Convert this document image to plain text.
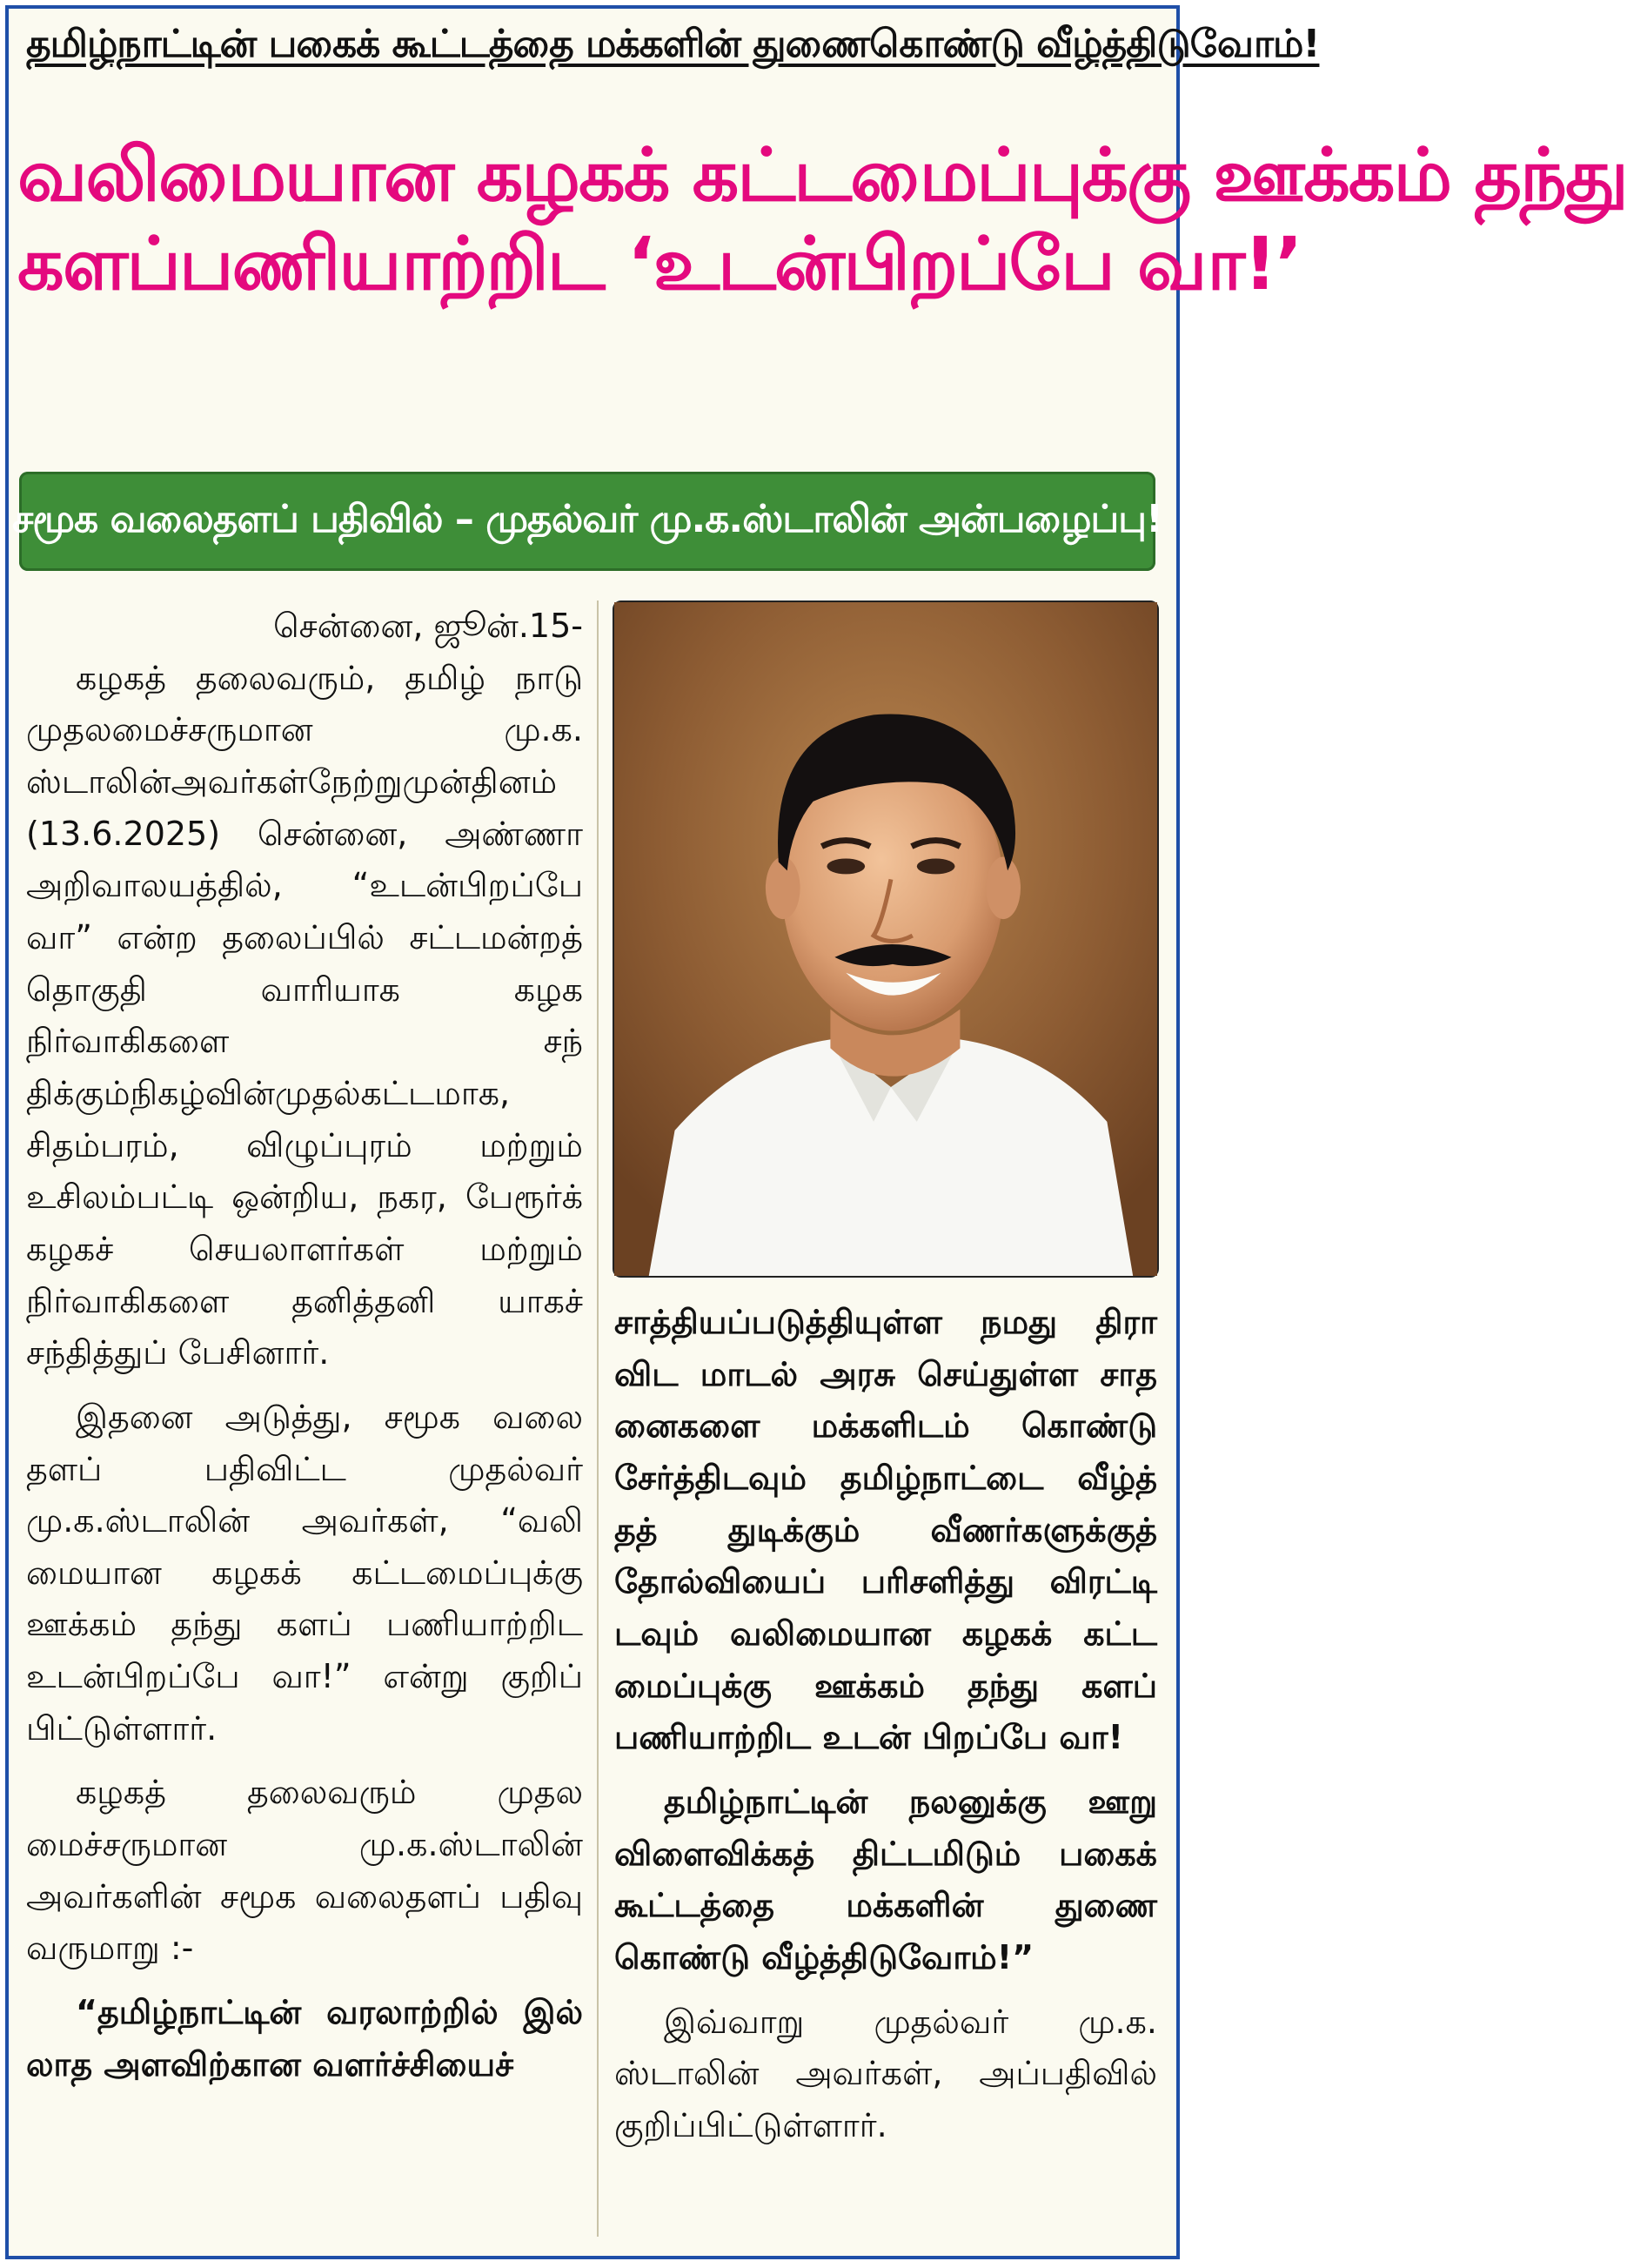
தமிழ்நாட்டின் பகைக் கூட்டத்தை மக்களின் துணைகொண்டு வீழ்த்திடுவோம்!
வலிமையான கழகக் கட்டமைப்புக்கு ஊக்கம் தந்து
களப்பணியாற்றிட ‘உடன்பிறப்பே வா!’
சமூக வலைதளப் பதிவில் – முதல்வர் மு.க.ஸ்டாலின் அன்பழைப்பு!

சென்னை, ஜூன்.15-

கழகத் தலைவரும், தமிழ் நாடு முதலமைச்சருமான மு.க. ஸ்டாலின்அவர்கள்நேற்றுமுன்தினம் (13.6.2025) சென்னை, அண்ணா அறிவாலயத்தில், “உடன்பிறப்பே வா” என்ற தலைப்பில் சட்டமன்றத் தொகுதி வாரியாக கழக நிர்வாகிகளை சந் திக்கும்நிகழ்வின்முதல்கட்டமாக, சிதம்பரம், விழுப்புரம் மற்றும் உசிலம்பட்டி ஒன்றிய, நகர, பேரூர்க் கழகச் செயலாளர்கள் மற்றும் நிர்வாகிகளை தனித்தனி யாகச் சந்தித்துப் பேசினார்.

இதனை அடுத்து, சமூக வலை தளப் பதிவிட்ட முதல்வர் மு.க.ஸ்டாலின் அவர்கள், “வலி மையான கழகக் கட்டமைப்புக்கு ஊக்கம் தந்து களப் பணியாற்றிட உடன்பிறப்பே வா!” என்று குறிப் பிட்டுள்ளார்.

கழகத் தலைவரும் முதல மைச்சருமான மு.க.ஸ்டாலின் அவர்களின் சமூக வலைதளப் பதிவு வருமாறு :-

“தமிழ்நாட்டின் வரலாற்றில் இல் லாத அளவிற்கான வளர்ச்சியைச்

சாத்தியப்படுத்தியுள்ள நமது திரா விட மாடல் அரசு செய்துள்ள சாத னைகளை மக்களிடம் கொண்டு சேர்த்திடவும் தமிழ்நாட்டை வீழ்த் தத் துடிக்கும் வீணர்களுக்குத் தோல்வியைப் பரிசளித்து விரட்டி டவும் வலிமையான கழகக் கட்ட மைப்புக்கு ஊக்கம் தந்து களப் பணியாற்றிட உடன் பிறப்பே வா!

தமிழ்நாட்டின் நலனுக்கு ஊறு விளைவிக்கத் திட்டமிடும் பகைக் கூட்டத்தை மக்களின் துணை கொண்டு வீழ்த்திடுவோம்!”

இவ்வாறு முதல்வர் மு.க. ஸ்டாலின் அவர்கள், அப்பதிவில் குறிப்பிட்டுள்ளார்.
